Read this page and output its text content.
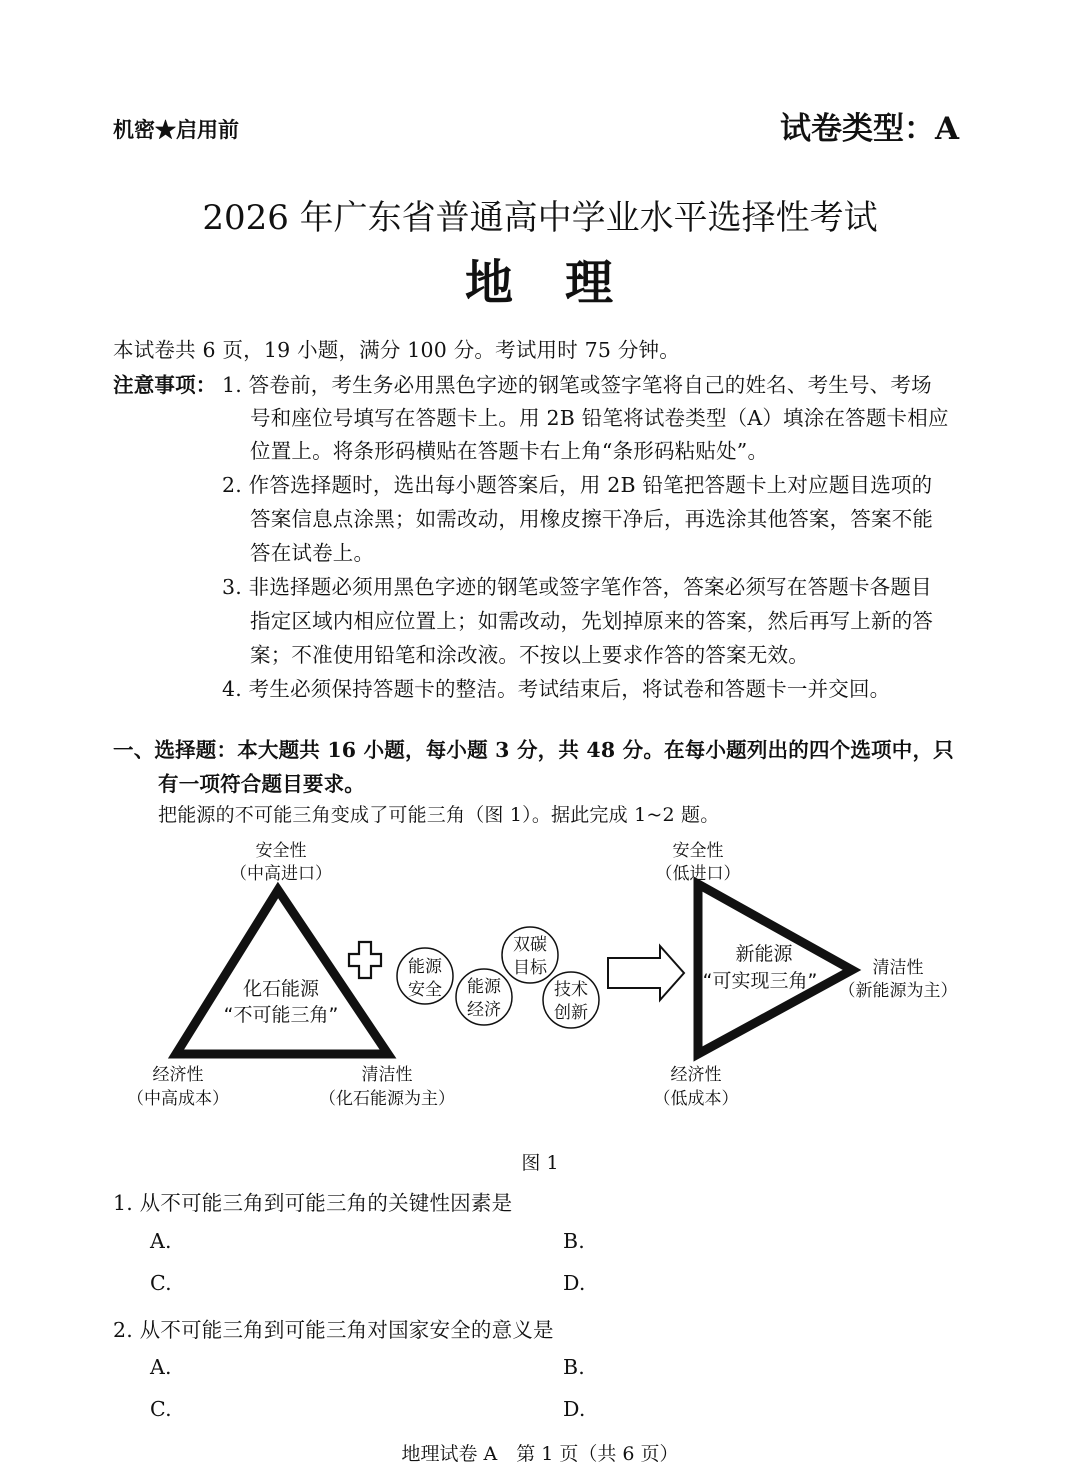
机密★启用前	试卷类型：A
2026 年广东省普通高中学业水平选择性考试
地　理
本试卷共 6 页，19 小题，满分 100 分。考试用时 75 分钟。
注意事项： 1. 答卷前，考生务必用黑色字迹的钢笔或签字笔将自己的姓名、考生号、考场
号和座位号填写在答题卡上。用 2B 铅笔将试卷类型（A）填涂在答题卡相应
位置上。将条形码横贴在答题卡右上角“条形码粘贴处”。
2. 作答选择题时，选出每小题答案后，用 2B 铅笔把答题卡上对应题目选项的
答案信息点涂黑；如需改动，用橡皮擦干净后，再选涂其他答案，答案不能
答在试卷上。
3. 非选择题必须用黑色字迹的钢笔或签字笔作答，答案必须写在答题卡各题目
指定区域内相应位置上；如需改动，先划掉原来的答案，然后再写上新的答
案；不准使用铅笔和涂改液。不按以上要求作答的答案无效。
4. 考生必须保持答题卡的整洁。考试结束后，将试卷和答题卡一并交回。
一、选择题：本大题共 16 小题，每小题 3 分，共 48 分。在每小题列出的四个选项中，只
有一项符合题目要求。
把能源的不可能三角变成了可能三角（图 1）。据此完成 1~2 题。
安全性
（中高进口）
化石能源
“不可能三角”
经济性
（中高成本）
清洁性
（化石能源为主）
能源
安全 能源
经济
双碳
目标
技术
创新
安全性
（低进口）
新能源
“可实现三角”
清洁性
（新能源为主）
经济性
（低成本）
图 1
1. 从不可能三角到可能三角的关键性因素是
A.	B.
C.	D.
2. 从不可能三角到可能三角对国家安全的意义是
A.	B.
C.	D.
地理试卷 A　第 1 页（共 6 页）
